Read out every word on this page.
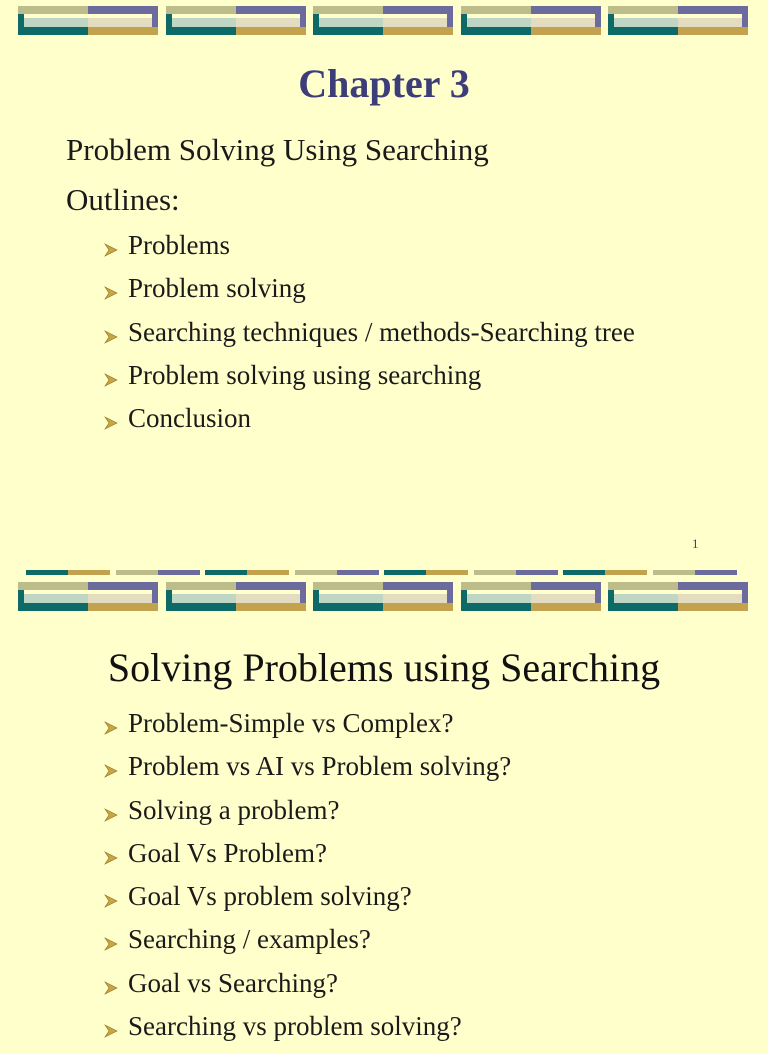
Chapter 3
Problem Solving Using Searching
Outlines:
Problems
Problem solving
Searching techniques / methods-Searching tree
Problem solving using searching
Conclusion
1
Solving Problems using Searching
Problem-Simple vs Complex?
Problem vs AI vs Problem solving?
Solving a problem?
Goal Vs Problem?
Goal Vs problem solving?
Searching / examples?
Goal vs Searching?
Searching vs problem solving?
